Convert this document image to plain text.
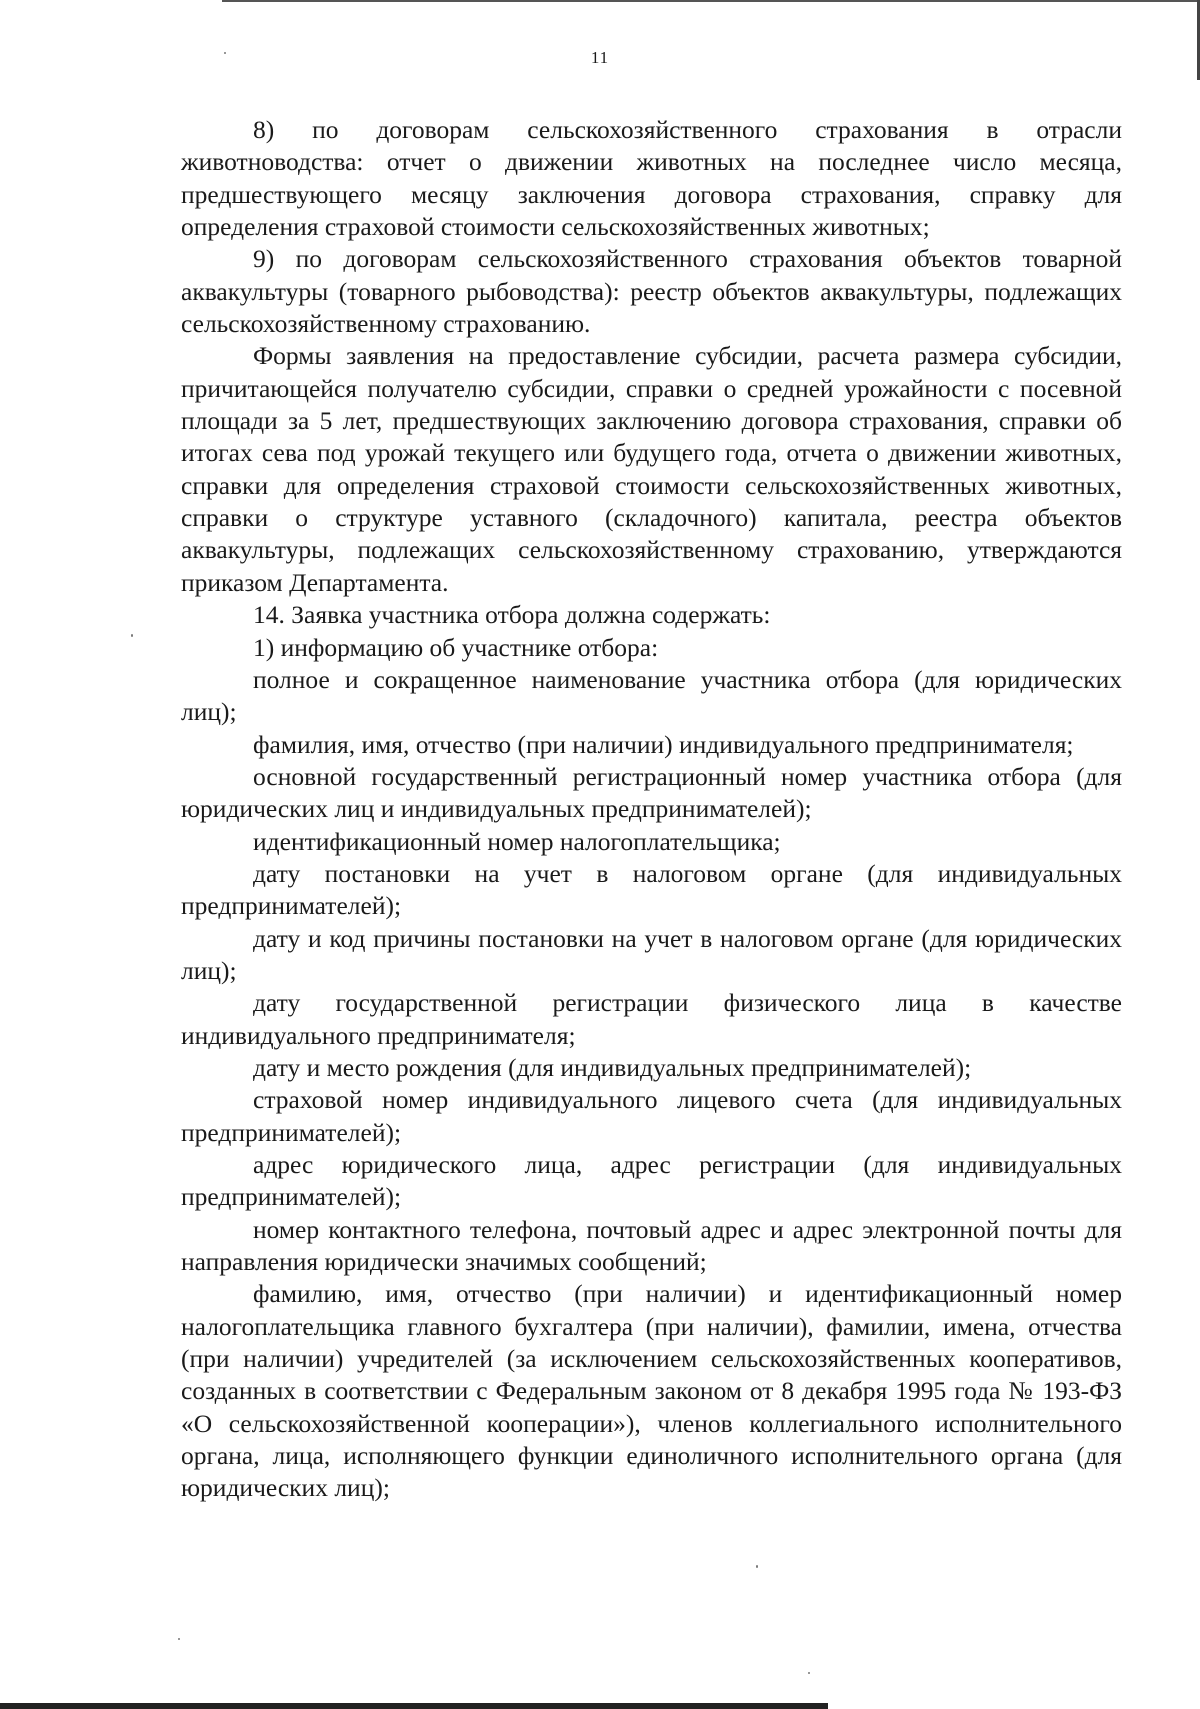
11

8) по договорам сельскохозяйственного страхования в отрасли животноводства: отчет о движении животных на последнее число месяца, предшествующего месяцу заключения договора страхования, справку для определения страховой стоимости сельскохозяйственных животных;

9) по договорам сельскохозяйственного страхования объектов товарной аквакультуры (товарного рыбоводства): реестр объектов аквакультуры, подлежащих сельскохозяйственному страхованию.

Формы заявления на предоставление субсидии, расчета размера субсидии, причитающейся получателю субсидии, справки о средней урожайности с посевной площади за 5 лет, предшествующих заключению договора страхования, справки об итогах сева под урожай текущего или будущего года, отчета о движении животных, справки для определения страховой стоимости сельскохозяйственных животных, справки о структуре уставного (складочного) капитала, реестра объектов аквакультуры, подлежащих сельскохозяйственному страхованию, утверждаются приказом Департамента.

14. Заявка участника отбора должна содержать:

1) информацию об участнике отбора:

полное и сокращенное наименование участника отбора (для юридических лиц);

фамилия, имя, отчество (при наличии) индивидуального предпринимателя;

основной государственный регистрационный номер участника отбора (для юридических лиц и индивидуальных предпринимателей);

идентификационный номер налогоплательщика;

дату постановки на учет в налоговом органе (для индивидуальных предпринимателей);

дату и код причины постановки на учет в налоговом органе (для юридических лиц);

дату государственной регистрации физического лица в качестве индивидуального предпринимателя;

дату и место рождения (для индивидуальных предпринимателей);

страховой номер индивидуального лицевого счета (для индивидуальных предпринимателей);

адрес юридического лица, адрес регистрации (для индивидуальных предпринимателей);

номер контактного телефона, почтовый адрес и адрес электронной почты для направления юридически значимых сообщений;

фамилию, имя, отчество (при наличии) и идентификационный номер налогоплательщика главного бухгалтера (при наличии), фамилии, имена, отчества (при наличии) учредителей (за исключением сельскохозяйственных кооперативов, созданных в соответствии с Федеральным законом от 8 декабря 1995 года № 193-ФЗ «О сельскохозяйственной кооперации»), членов коллегиального исполнительного органа, лица, исполняющего функции единоличного исполнительного органа (для юридических лиц);
